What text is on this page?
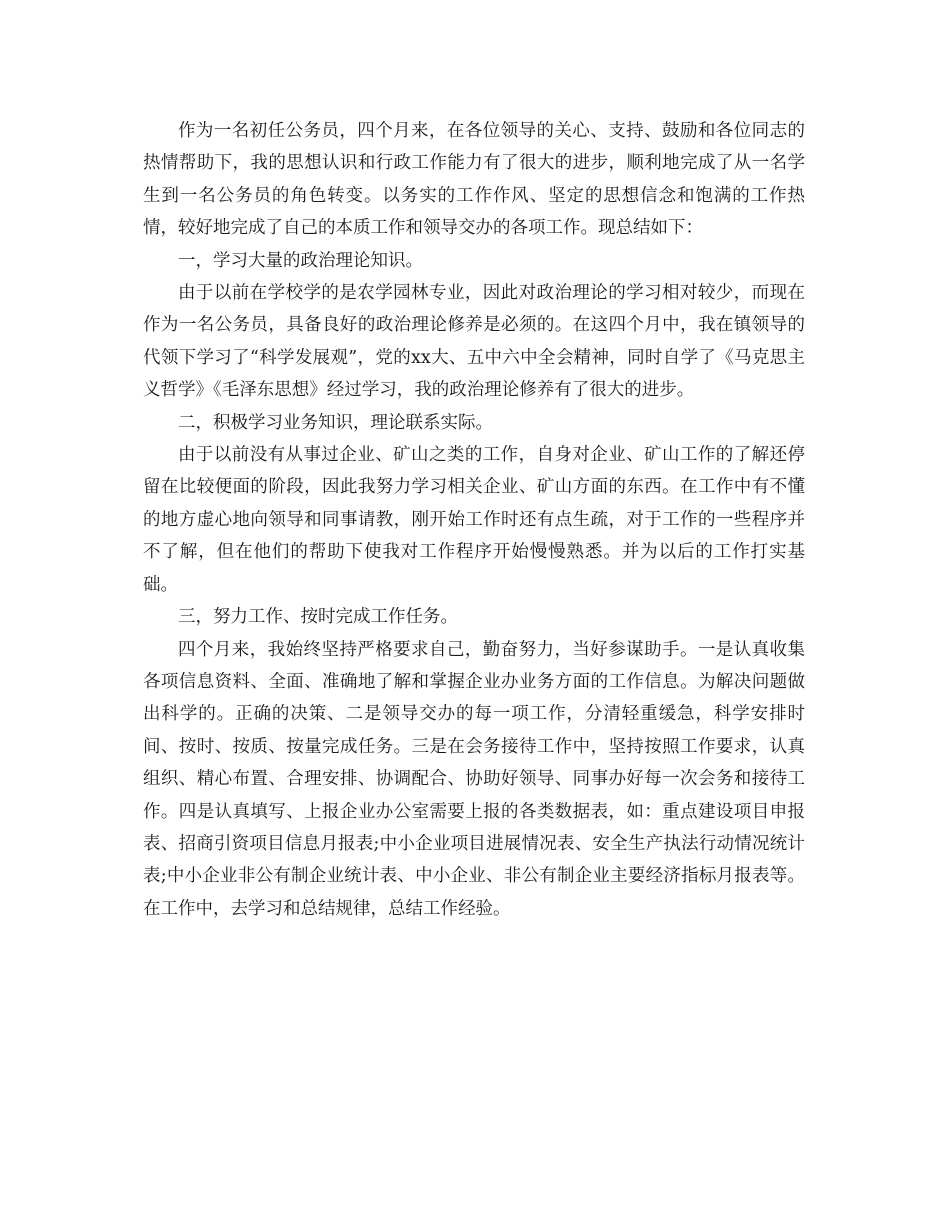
作为一名初任公务员，四个月来，在各位领导的关心、支持、鼓励和各位同志的热情帮助下，我的思想认识和行政工作能力有了很大的进步，顺利地完成了从一名学生到一名公务员的角色转变。以务实的工作作风、坚定的思想信念和饱满的工作热情，较好地完成了自己的本质工作和领导交办的各项工作。现总结如下：

一，学习大量的政治理论知识。

由于以前在学校学的是农学园林专业，因此对政治理论的学习相对较少，而现在作为一名公务员，具备良好的政治理论修养是必须的。在这四个月中，我在镇领导的代领下学习了“科学发展观”，党的xx大、五中六中全会精神，同时自学了《马克思主义哲学》《毛泽东思想》经过学习，我的政治理论修养有了很大的进步。

二，积极学习业务知识，理论联系实际。

由于以前没有从事过企业、矿山之类的工作，自身对企业、矿山工作的了解还停留在比较便面的阶段，因此我努力学习相关企业、矿山方面的东西。在工作中有不懂的地方虚心地向领导和同事请教，刚开始工作时还有点生疏，对于工作的一些程序并不了解，但在他们的帮助下使我对工作程序开始慢慢熟悉。并为以后的工作打实基础。

三，努力工作、按时完成工作任务。

四个月来，我始终坚持严格要求自己，勤奋努力，当好参谋助手。一是认真收集各项信息资料、全面、准确地了解和掌握企业办业务方面的工作信息。为解决问题做出科学的。正确的决策、二是领导交办的每一项工作，分清轻重缓急，科学安排时间、按时、按质、按量完成任务。三是在会务接待工作中，坚持按照工作要求，认真组织、精心布置、合理安排、协调配合、协助好领导、同事办好每一次会务和接待工作。四是认真填写、上报企业办公室需要上报的各类数据表，如：重点建设项目申报表、招商引资项目信息月报表;中小企业项目进展情况表、安全生产执法行动情况统计表;中小企业非公有制企业统计表、中小企业、非公有制企业主要经济指标月报表等。在工作中，去学习和总结规律，总结工作经验。
